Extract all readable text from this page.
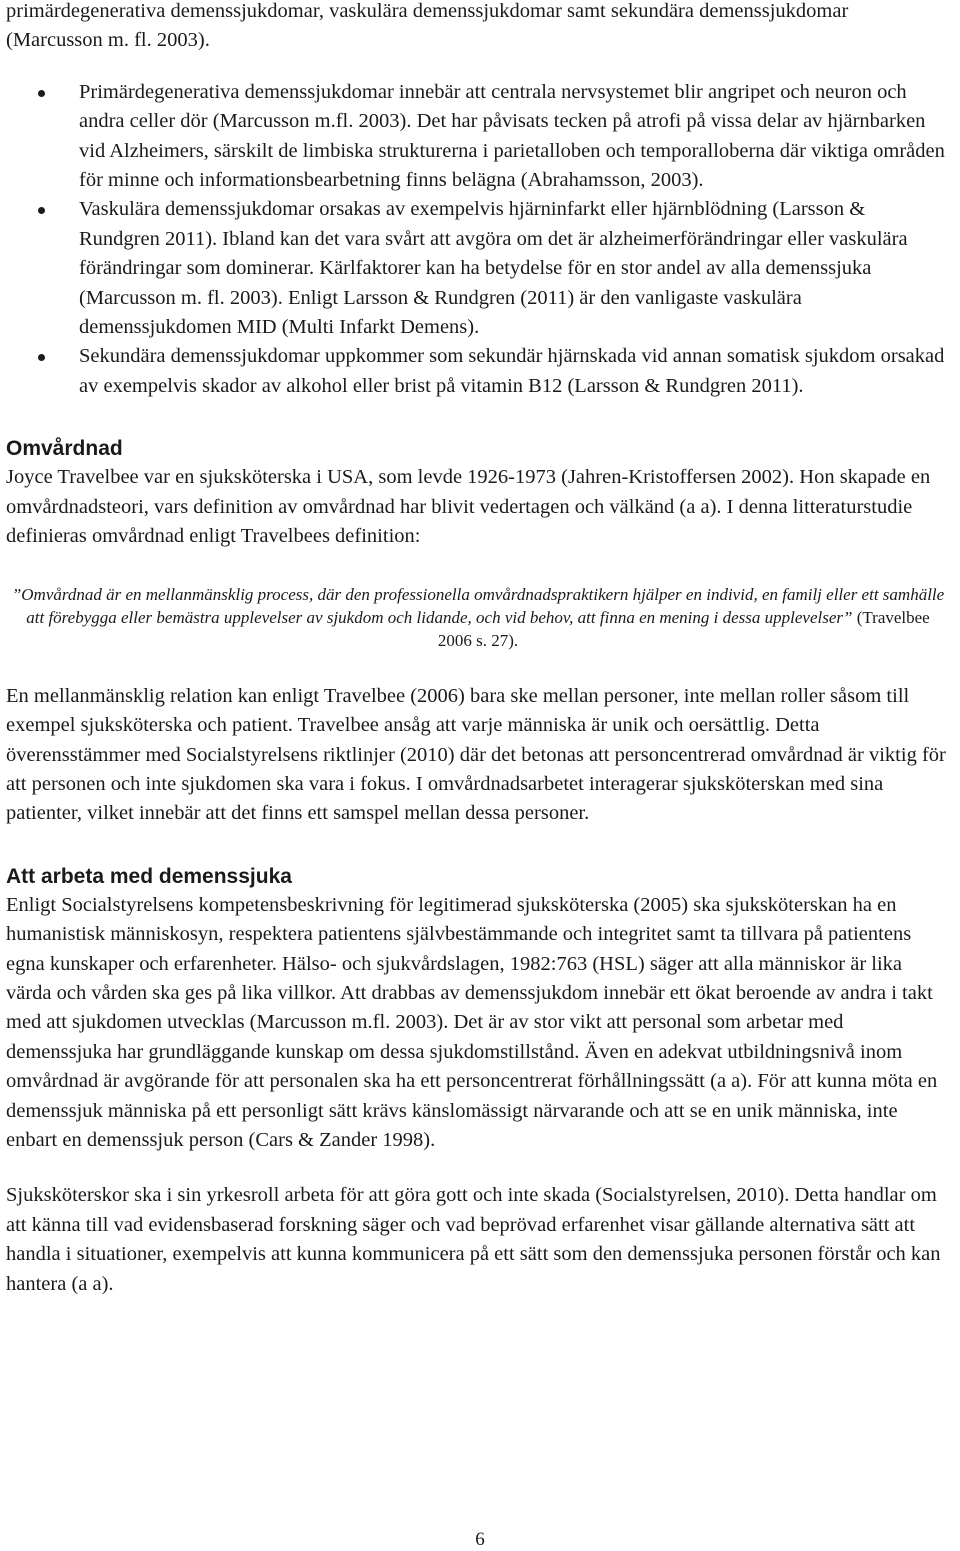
primärdegenerativa demenssjukdomar, vaskulära demenssjukdomar samt sekundära demenssjukdomar (Marcusson m. fl. 2003).

Primärdegenerativa demenssjukdomar innebär att centrala nervsystemet blir angripet och neuron och andra celler dör (Marcusson m.fl. 2003). Det har påvisats tecken på atrofi på vissa delar av hjärnbarken vid Alzheimers, särskilt de limbiska strukturerna i parietalloben och temporalloberna där viktiga områden för minne och informationsbearbetning finns belägna (Abrahamsson, 2003).
Vaskulära demenssjukdomar orsakas av exempelvis hjärninfarkt eller hjärnblödning (Larsson & Rundgren 2011). Ibland kan det vara svårt att avgöra om det är alzheimerförändringar eller vaskulära förändringar som dominerar. Kärlfaktorer kan ha betydelse för en stor andel av alla demenssjuka (Marcusson m. fl. 2003). Enligt Larsson & Rundgren (2011) är den vanligaste vaskulära demenssjukdomen MID (Multi Infarkt Demens).
Sekundära demenssjukdomar uppkommer som sekundär hjärnskada vid annan somatisk sjukdom orsakad av exempelvis skador av alkohol eller brist på vitamin B12 (Larsson & Rundgren 2011).
Omvårdnad

Joyce Travelbee var en sjuksköterska i USA, som levde 1926-1973 (Jahren-Kristoffersen 2002). Hon skapade en omvårdnadsteori, vars definition av omvårdnad har blivit vedertagen och välkänd (a a). I denna litteraturstudie definieras omvårdnad enligt Travelbees definition:

”Omvårdnad är en mellanmänsklig process, där den professionella omvårdnadspraktikern hjälper en individ, en familj eller ett samhälle att förebygga eller bemästra upplevelser av sjukdom och lidande, och vid behov, att finna en mening i dessa upplevelser” (Travelbee 2006 s. 27).

En mellanmänsklig relation kan enligt Travelbee (2006) bara ske mellan personer, inte mellan roller såsom till exempel sjuksköterska och patient. Travelbee ansåg att varje människa är unik och oersättlig. Detta överensstämmer med Socialstyrelsens riktlinjer (2010) där det betonas att personcentrerad omvårdnad är viktig för att personen och inte sjukdomen ska vara i fokus. I omvårdnadsarbetet interagerar sjuksköterskan med sina patienter, vilket innebär att det finns ett samspel mellan dessa personer.

Att arbeta med demenssjuka

Enligt Socialstyrelsens kompetensbeskrivning för legitimerad sjuksköterska (2005) ska sjuksköterskan ha en humanistisk människosyn, respektera patientens självbestämmande och integritet samt ta tillvara på patientens egna kunskaper och erfarenheter. Hälso- och sjukvårdslagen, 1982:763 (HSL) säger att alla människor är lika värda och vården ska ges på lika villkor. Att drabbas av demenssjukdom innebär ett ökat beroende av andra i takt med att sjukdomen utvecklas (Marcusson m.fl. 2003). Det är av stor vikt att personal som arbetar med demenssjuka har grundläggande kunskap om dessa sjukdomstillstånd. Även en adekvat utbildningsnivå inom omvårdnad är avgörande för att personalen ska ha ett personcentrerat förhållningssätt (a a). För att kunna möta en demenssjuk människa på ett personligt sätt krävs känslomässigt närvarande och att se en unik människa, inte enbart en demenssjuk person (Cars & Zander 1998).

Sjuksköterskor ska i sin yrkesroll arbeta för att göra gott och inte skada (Socialstyrelsen, 2010). Detta handlar om att känna till vad evidensbaserad forskning säger och vad beprövad erfarenhet visar gällande alternativa sätt att handla i situationer, exempelvis att kunna kommunicera på ett sätt som den demenssjuka personen förstår och kan hantera (a a).

6
